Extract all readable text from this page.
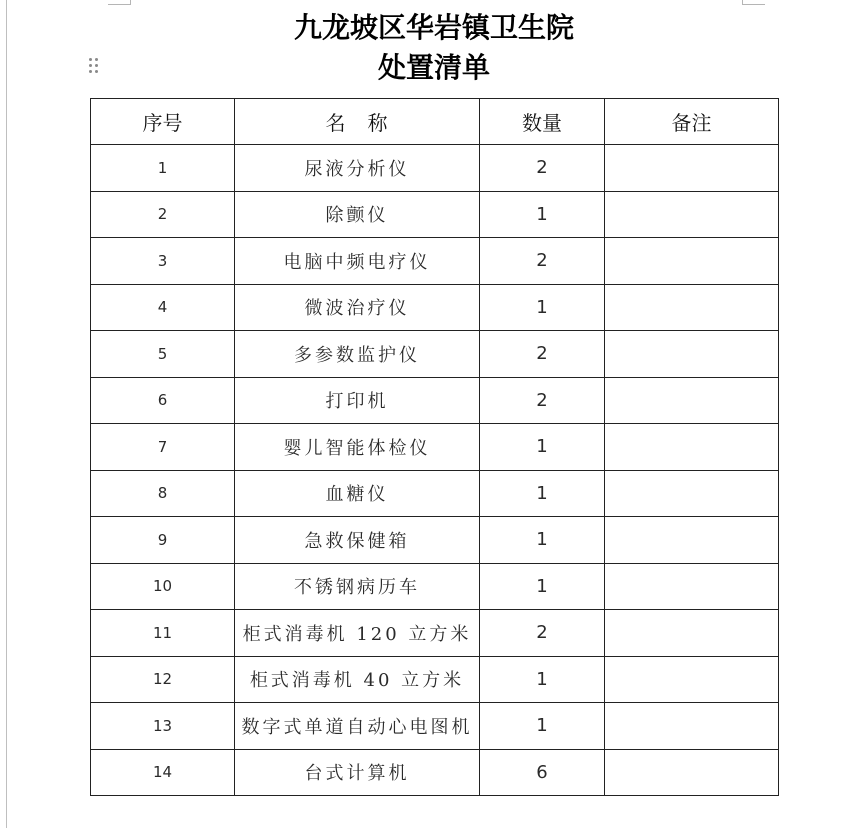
九龙坡区华岩镇卫生院
处置清单
序号	名　称	数量	备注
1	尿液分析仪	2	
2	除颤仪	1	
3	电脑中频电疗仪	2	
4	微波治疗仪	1	
5	多参数监护仪	2	
6	打印机	2	
7	婴儿智能体检仪	1	
8	血糖仪	1	
9	急救保健箱	1	
10	不锈钢病历车	1	
11	柜式消毒机 120 立方米	2	
12	柜式消毒机 40 立方米	1	
13	数字式单道自动心电图机	1	
14	台式计算机	6	
